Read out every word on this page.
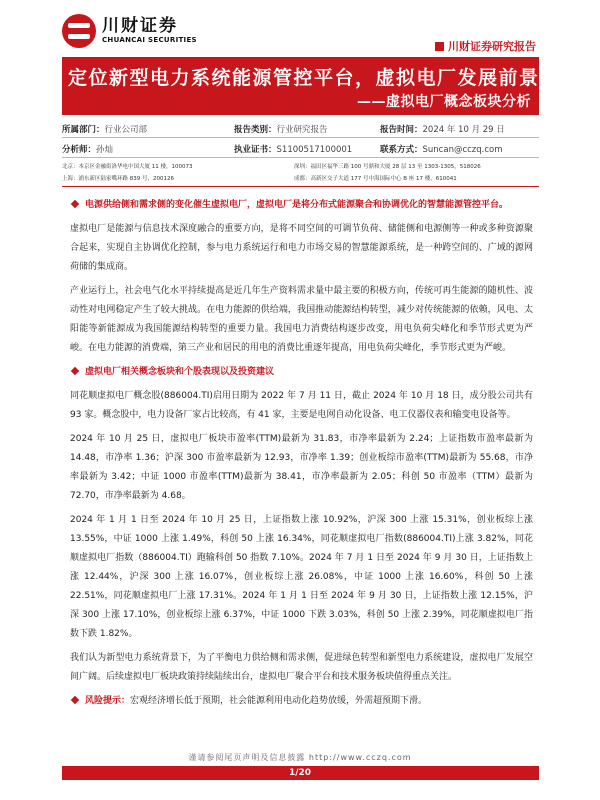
川财证券
CHUANCAI SECURITIES	川财证券研究报告
定位新型电力系统能源管控平台，虚拟电厂发展前景广阔
——虚拟电厂概念板块分析
所属部门：行业公司部	报告类别：行业研究报告	报告时间：2024 年 10 月 29 日
分析师：孙灿	执业证书：S1100517100001	联系方式：Suncan@cczq.com
北京：本京区金融街洛华电中国大厦 11 楼，100073	深圳：福田区福华三路 100 号鼎和大厦 28 层 13 至 1303-1305，518026
上海：浦东新区陆家嘴环路 839 号，200126	成都：高新区交子大道 177 号中海国际中心 B 座 17 楼，610041

电源供给侧和需求侧的变化催生虚拟电厂，虚拟电厂是将分布式能源聚合和协调优化的智慧能源管控平台。

虚拟电厂是能源与信息技术深度融合的重要方向，是将不同空间的可调节负荷、储能侧和电源侧等一种或多种资源聚合起来，实现自主协调优化控制，参与电力系统运行和电力市场交易的智慧能源系统，是一种跨空间的、广域的源网荷储的集成商。

产业运行上，社会电气化水平持续提高是近几年生产资料需求量中最主要的积极方向，传统可再生能源的随机性、波动性对电网稳定产生了较大挑战。在电力能源的供给端，我国推动能源结构转型，减少对传统能源的依赖，风电、太阳能等新能源成为我国能源结构转型的重要力量。我国电力消费结构逐步改变，用电负荷尖峰化和季节形式更为严峻。在电力能源的消费端，第三产业和居民的用电的消费比重逐年提高，用电负荷尖峰化，季节形式更为严峻。

虚拟电厂相关概念板块和个股表现以及投资建议

同花顺虚拟电厂概念股(886004.TI)启用日期为 2022 年 7 月 11 日，截止 2024 年 10 月 18 日，成分股公司共有 93 家。概念股中，电力设备厂家占比较高，有 41 家，主要是电网自动化设备、电工仪器仪表和输变电设备等。

2024 年 10 月 25 日，虚拟电厂板块市盈率(TTM)最新为 31.83，市净率最新为 2.24；上证指数市盈率最新为 14.48，市净率 1.36；沪深 300 市盈率最新为 12.93，市净率 1.39；创业板综市盈率(TTM)最新为 55.68，市净率最新为 3.42；中证 1000 市盈率(TTM)最新为 38.41，市净率最新为 2.05；科创 50 市盈率（TTM）最新为 72.70，市净率最新为 4.68。

2024 年 1 月 1 日至 2024 年 10 月 25 日，上证指数上涨 10.92%，沪深 300 上涨 15.31%，创业板综上涨 13.55%，中证 1000 上涨 1.49%，科创 50 上涨 16.34%，同花顺虚拟电厂指数(886004.TI)上涨 3.82%，同花顺虚拟电厂指数（886004.TI）跑输科创 50 指数 7.10%。2024 年 7 月 1 日至 2024 年 9 月 30 日，上证指数上涨 12.44%，沪深 300 上涨 16.07%，创业板综上涨 26.08%，中证 1000 上涨 16.60%，科创 50 上涨 22.51%，同花顺虚拟电厂上涨 17.31%。2024 年 1 月 1 日至 2024 年 9 月 30 日，上证指数上涨 12.15%，沪深 300 上涨 17.10%，创业板综上涨 6.37%，中证 1000 下跌 3.03%，科创 50 上涨 2.39%，同花顺虚拟电厂指数下跌 1.82%。

我们认为新型电力系统背景下，为了平衡电力供给侧和需求侧，促进绿色转型和新型电力系统建设，虚拟电厂发展空间广阔。后续虚拟电厂板块政策持续陆续出台，虚拟电厂聚合平台和技术服务板块值得重点关注。

风险提示：宏观经济增长低于预期，社会能源利用电动化趋势放缓，外需超预期下滑。

谨请参阅尾页声明及信息披露 http://www.cczq.com
1/20
